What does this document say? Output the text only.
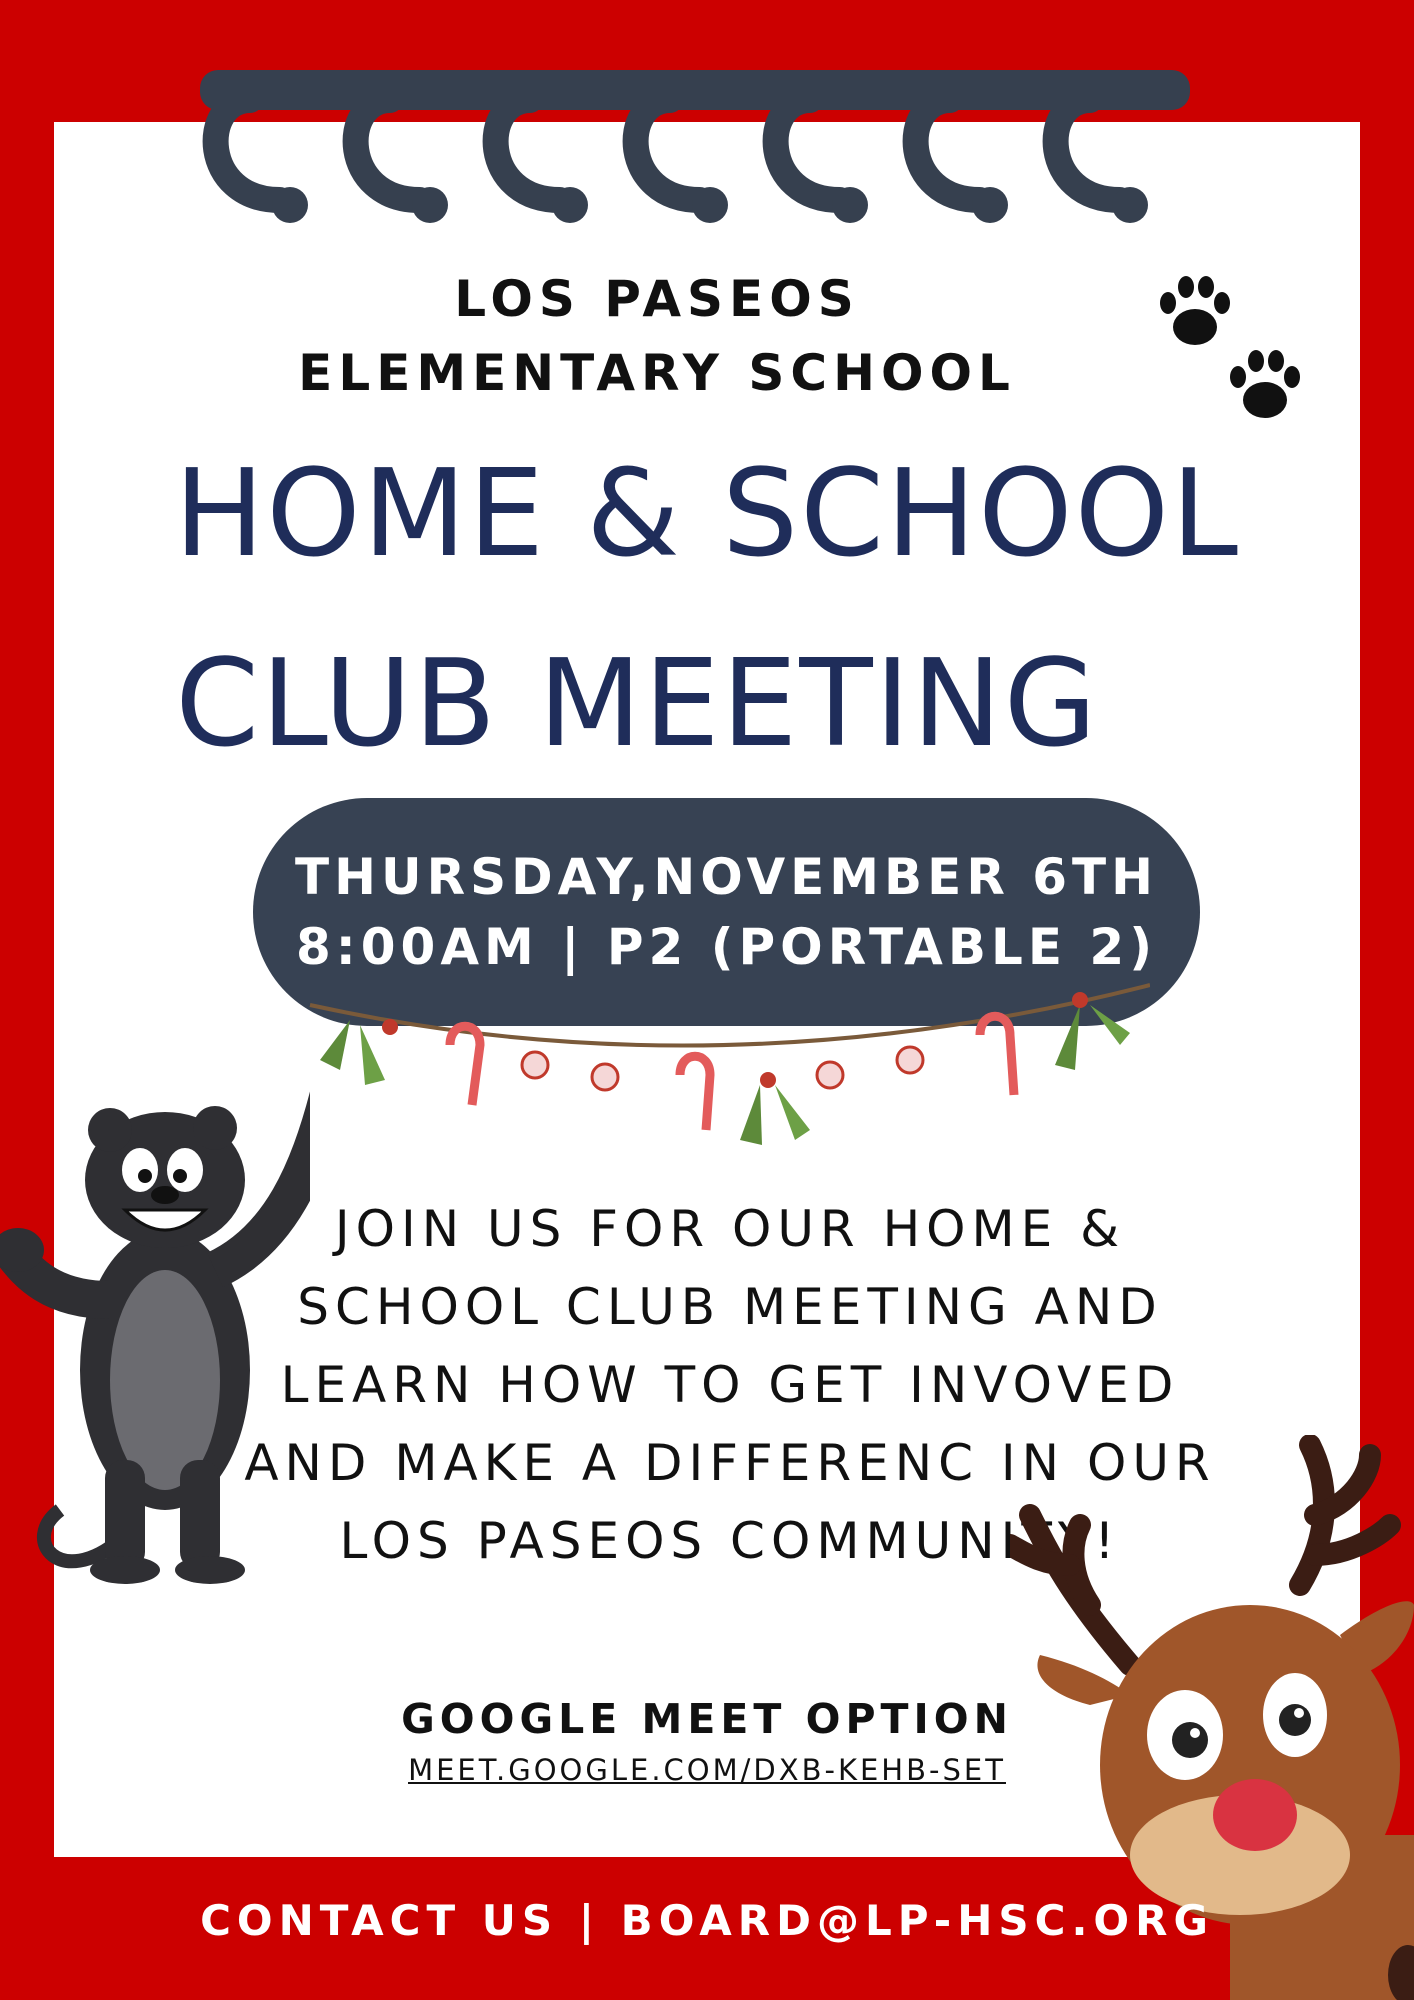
LOS PASEOS
ELEMENTARY SCHOOL
HOME & SCHOOL
CLUB MEETING
THURSDAY,NOVEMBER 6TH
8:00AM | P2 (PORTABLE 2)
JOIN US FOR OUR HOME & SCHOOL CLUB MEETING AND LEARN HOW TO GET INVOVED AND MAKE A DIFFERENC IN OUR LOS PASEOS COMMUNITY!
GOOGLE MEET OPTION
MEET.GOOGLE.COM/DXB-KEHB-SET
CONTACT US | BOARD@LP-HSC.ORG
